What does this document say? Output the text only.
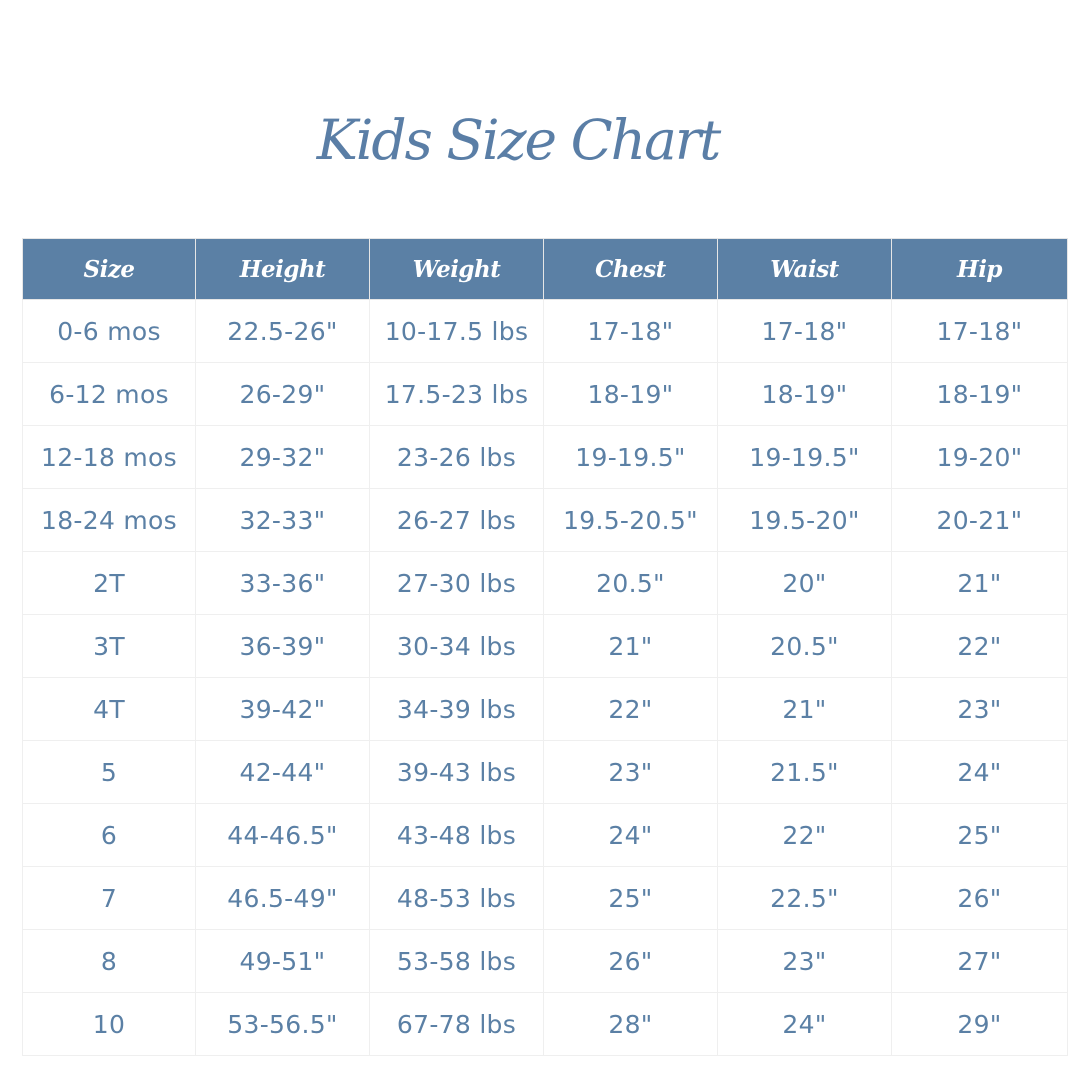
Kids Size Chart
Size	Height	Weight	Chest	Waist	Hip
0-6 mos	22.5-26"	10-17.5 lbs	17-18"	17-18"	17-18"
6-12 mos	26-29"	17.5-23 lbs	18-19"	18-19"	18-19"
12-18 mos	29-32"	23-26 lbs	19-19.5"	19-19.5"	19-20"
18-24 mos	32-33"	26-27 lbs	19.5-20.5"	19.5-20"	20-21"
2T	33-36"	27-30 lbs	20.5"	20"	21"
3T	36-39"	30-34 lbs	21"	20.5"	22"
4T	39-42"	34-39 lbs	22"	21"	23"
5	42-44"	39-43 lbs	23"	21.5"	24"
6	44-46.5"	43-48 lbs	24"	22"	25"
7	46.5-49"	48-53 lbs	25"	22.5"	26"
8	49-51"	53-58 lbs	26"	23"	27"
10	53-56.5"	67-78 lbs	28"	24"	29"
